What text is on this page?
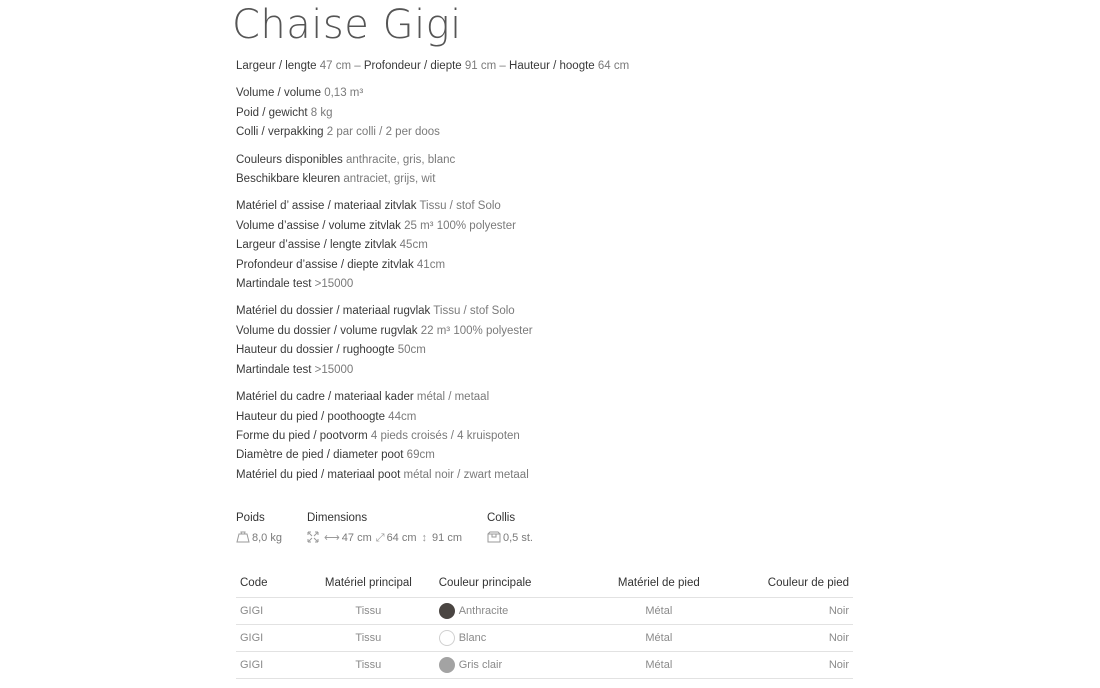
Chaise Gigi
Largeur / lengte 47 cm – Profondeur / diepte 91 cm – Hauteur / hoogte 64 cm
Volume / volume 0,13 m³
Poid / gewicht 8 kg
Colli / verpakking 2 par colli / 2 per doos
Couleurs disponibles anthracite, gris, blanc
Beschikbare kleuren antraciet, grijs, wit
Matériel d’ assise / materiaal zitvlak Tissu / stof Solo
Volume d’assise / volume zitvlak 25 m³ 100% polyester
Largeur d’assise / lengte zitvlak 45cm
Profondeur d’assise / diepte zitvlak 41cm
Martindale test >15000
Matériel du dossier / materiaal rugvlak Tissu / stof Solo
Volume du dossier / volume rugvlak 22 m³ 100% polyester
Hauteur du dossier / rughoogte 50cm
Martindale test >15000
Matériel du cadre / materiaal kader métal / metaal
Hauteur du pied / poothoogte 44cm
Forme du pied / pootvorm 4 pieds croisés / 4 kruispoten
Diamètre de pied / diameter poot 69cm
Matériel du pied / materiaal poot métal noir / zwart metaal
Poids
8,0 kg
Dimensions
⟷ 47 cm ⤢ 64 cm ↕ 91 cm
Collis
0,5 st.
Code	Matériel principal	Couleur principale	Matériel de pied	Couleur de pied
GIGI	Tissu	Anthracite	Métal	Noir
GIGI	Tissu	Blanc	Métal	Noir
GIGI	Tissu	Gris clair	Métal	Noir
